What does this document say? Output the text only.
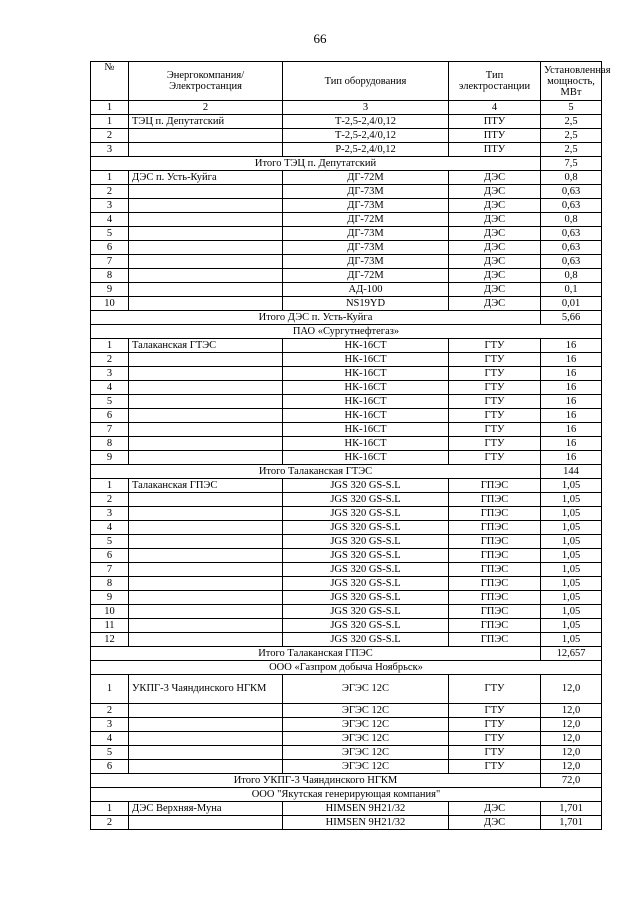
66
№	Энергокомпания/ Электростанция	Тип оборудования	Тип электростанции	Установленная мощность, МВт
1	2	3	4	5
1	ТЭЦ п. Депутатский	Т-2,5-2,4/0,12	ПТУ	2,5
2		Т-2,5-2,4/0,12	ПТУ	2,5
3		Р-2,5-2,4/0,12	ПТУ	2,5
Итого ТЭЦ п. Депутатский				7,5
1	ДЭС п. Усть-Куйга	ДГ-72М	ДЭС	0,8
2		ДГ-73М	ДЭС	0,63
3		ДГ-73М	ДЭС	0,63
4		ДГ-72М	ДЭС	0,8
5		ДГ-73М	ДЭС	0,63
6		ДГ-73М	ДЭС	0,63
7		ДГ-73М	ДЭС	0,63
8		ДГ-72М	ДЭС	0,8
9		АД-100	ДЭС	0,1
10		NS19YD	ДЭС	0,01
Итого ДЭС п. Усть-Куйга				5,66
ПАО «Сургутнефтегаз»				
1	Талаканская ГТЭС	НК-16СТ	ГТУ	16
2		НК-16СТ	ГТУ	16
3		НК-16СТ	ГТУ	16
4		НК-16СТ	ГТУ	16
5		НК-16СТ	ГТУ	16
6		НК-16СТ	ГТУ	16
7		НК-16СТ	ГТУ	16
8		НК-16СТ	ГТУ	16
9		НК-16СТ	ГТУ	16
Итого Талаканская ГТЭС				144
1	Талаканская ГПЭС	JGS 320 GS-S.L	ГПЭС	1,05
2		JGS 320 GS-S.L	ГПЭС	1,05
3		JGS 320 GS-S.L	ГПЭС	1,05
4		JGS 320 GS-S.L	ГПЭС	1,05
5		JGS 320 GS-S.L	ГПЭС	1,05
6		JGS 320 GS-S.L	ГПЭС	1,05
7		JGS 320 GS-S.L	ГПЭС	1,05
8		JGS 320 GS-S.L	ГПЭС	1,05
9		JGS 320 GS-S.L	ГПЭС	1,05
10		JGS 320 GS-S.L	ГПЭС	1,05
11		JGS 320 GS-S.L	ГПЭС	1,05
12		JGS 320 GS-S.L	ГПЭС	1,05
Итого Талаканская ГПЭС				12,657
ООО «Газпром добыча Ноябрьск»				
1	УКПГ-3 Чаяндинского НГКМ	ЭГЭС 12С	ГТУ	12,0
2		ЭГЭС 12С	ГТУ	12,0
3		ЭГЭС 12С	ГТУ	12,0
4		ЭГЭС 12С	ГТУ	12,0
5		ЭГЭС 12С	ГТУ	12,0
6		ЭГЭС 12С	ГТУ	12,0
Итого УКПГ-3 Чаяндинского НГКМ				72,0
ООО "Якутская генерирующая компания"				
1	ДЭС Верхняя-Муна	HIMSEN 9H21/32	ДЭС	1,701
2		HIMSEN 9H21/32	ДЭС	1,701
